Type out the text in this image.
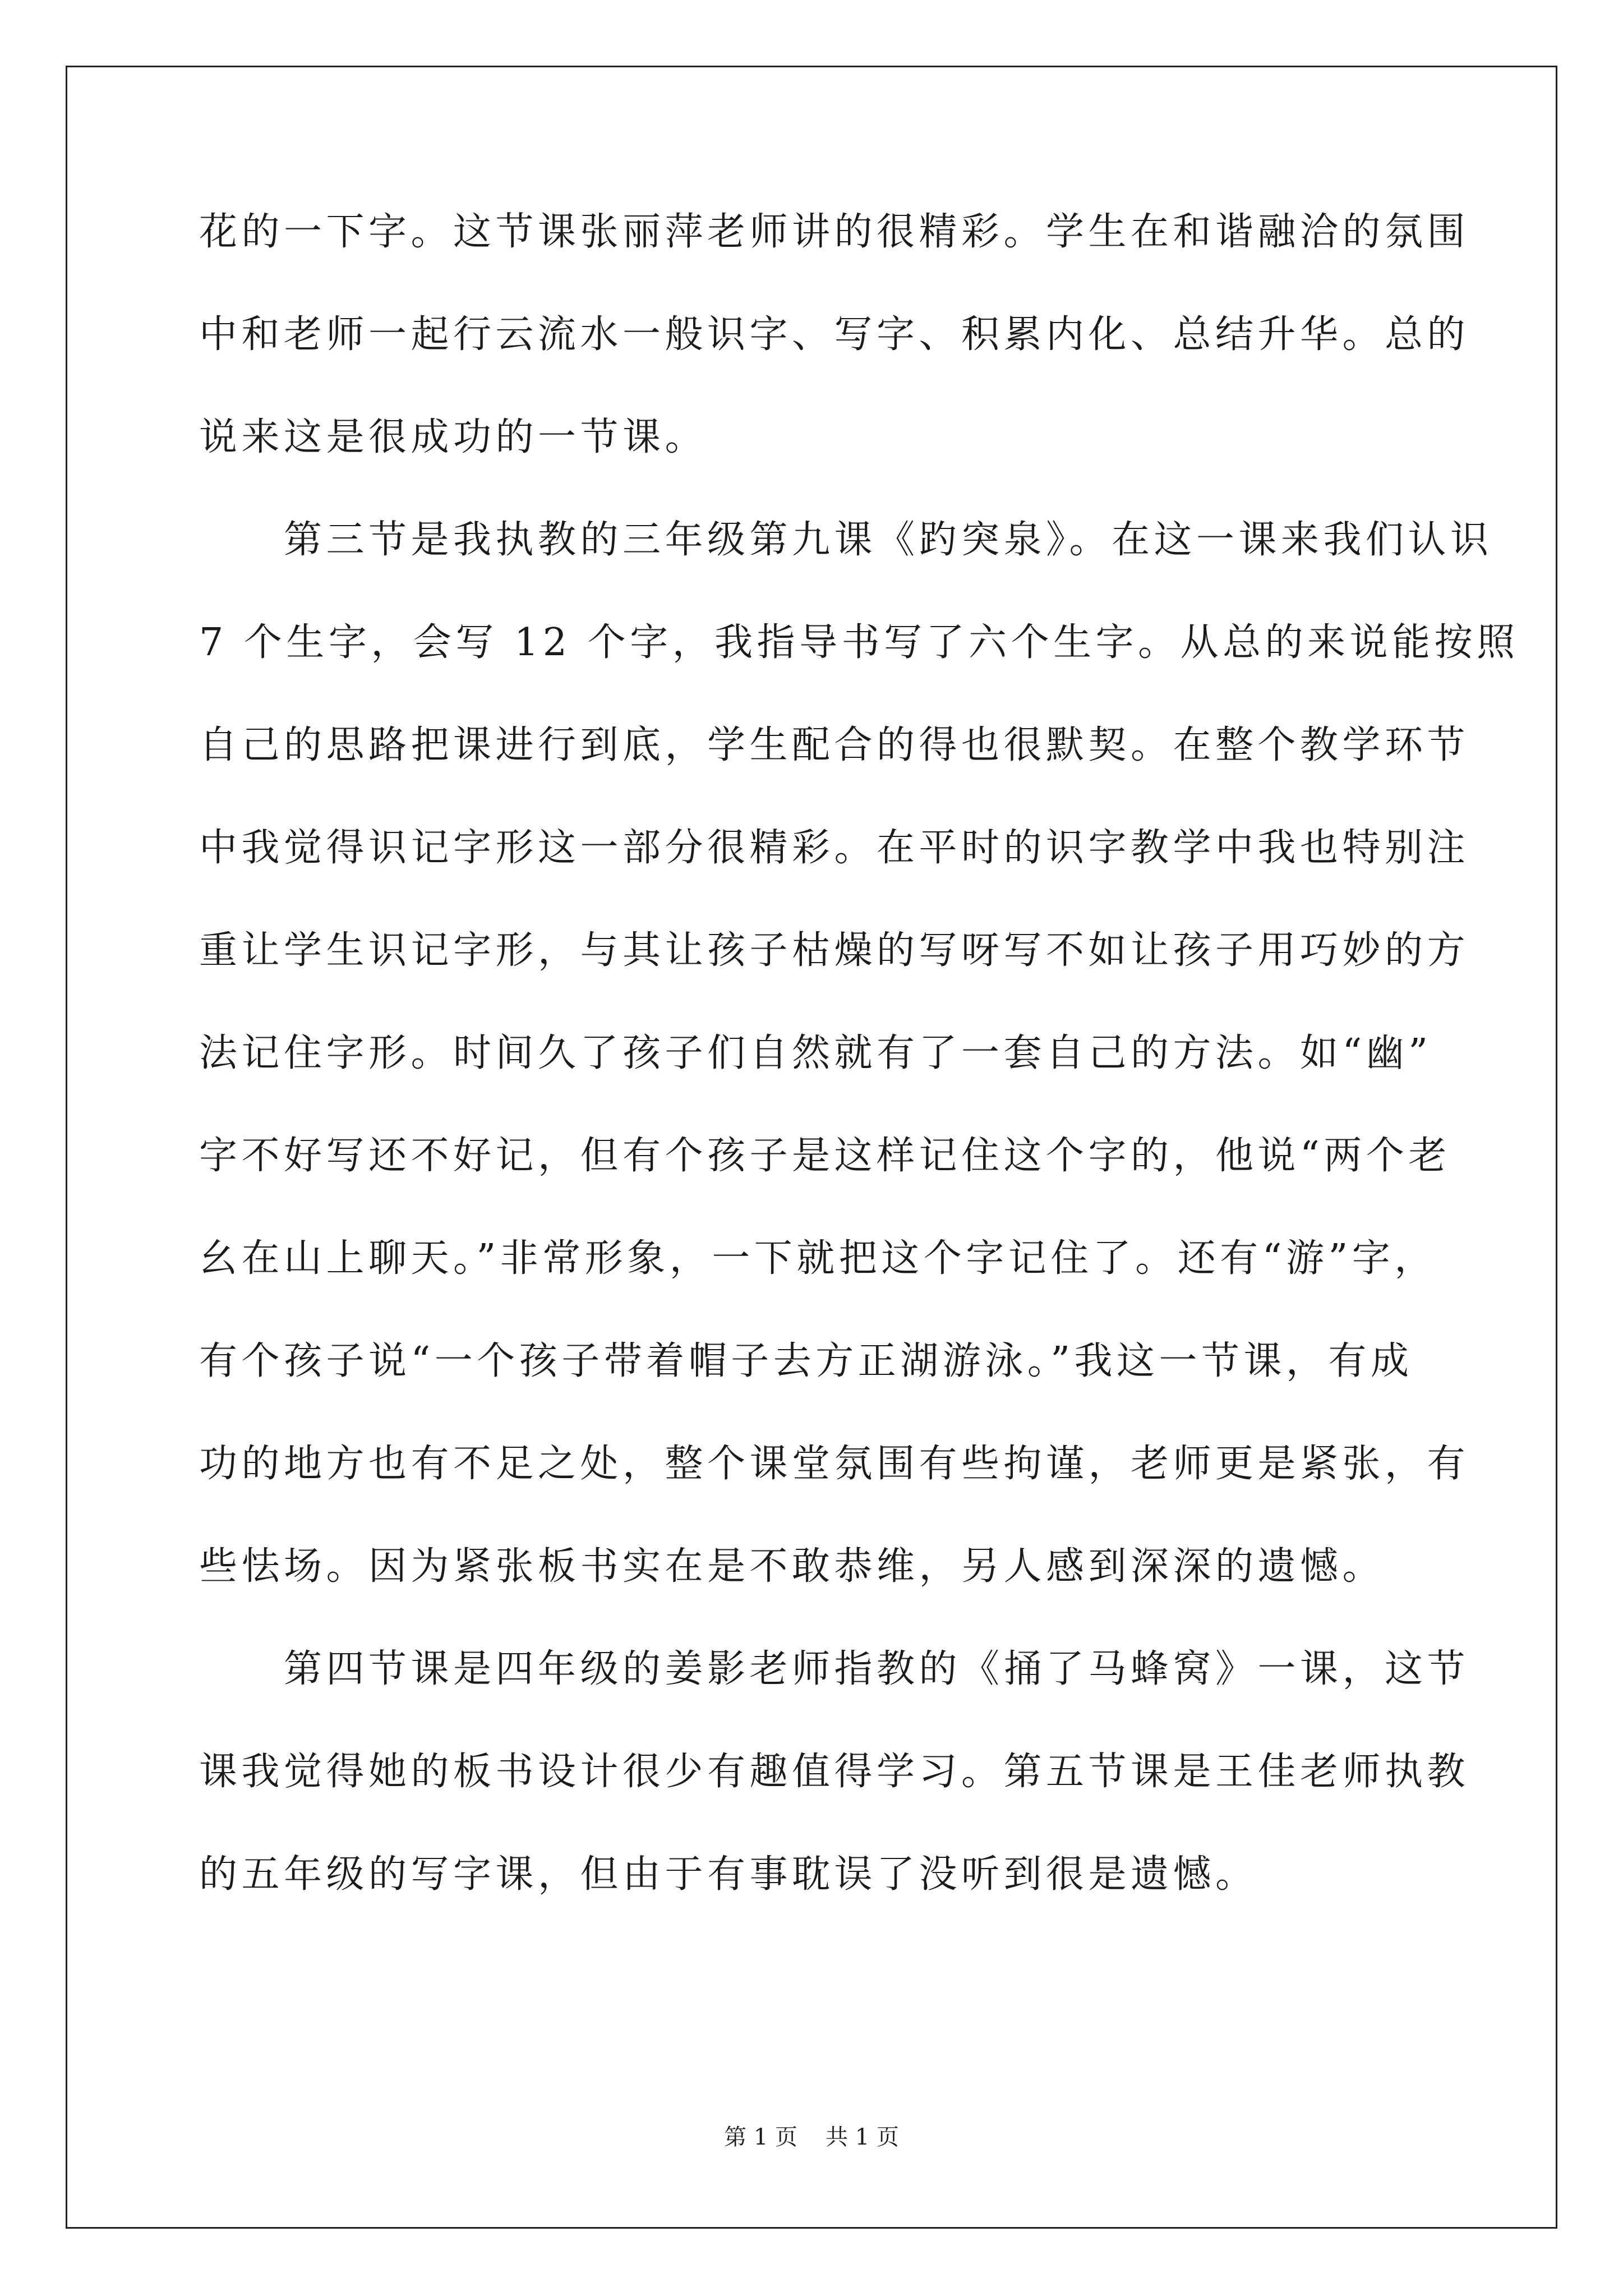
花的一下字。这节课张丽萍老师讲的很精彩。学生在和谐融洽的氛围
中和老师一起行云流水一般识字、写字、积累内化、总结升华。总的
说来这是很成功的一节课。
　　第三节是我执教的三年级第九课《趵突泉》。在这一课来我们认识
7 个生字，会写 12 个字，我指导书写了六个生字。从总的来说能按照
自己的思路把课进行到底，学生配合的得也很默契。在整个教学环节
中我觉得识记字形这一部分很精彩。在平时的识字教学中我也特别注
重让学生识记字形，与其让孩子枯燥的写呀写不如让孩子用巧妙的方
法记住字形。时间久了孩子们自然就有了一套自己的方法。如“幽”
字不好写还不好记，但有个孩子是这样记住这个字的，他说“两个老
幺在山上聊天。”非常形象，一下就把这个字记住了。还有“游”字，
有个孩子说“一个孩子带着帽子去方正湖游泳。”我这一节课，有成
功的地方也有不足之处，整个课堂氛围有些拘谨，老师更是紧张，有
些怯场。因为紧张板书实在是不敢恭维，另人感到深深的遗憾。
　　第四节课是四年级的姜影老师指教的《捅了马蜂窝》一课，这节
课我觉得她的板书设计很少有趣值得学习。第五节课是王佳老师执教
的五年级的写字课，但由于有事耽误了没听到很是遗憾。
第 1 页 共 1 页
